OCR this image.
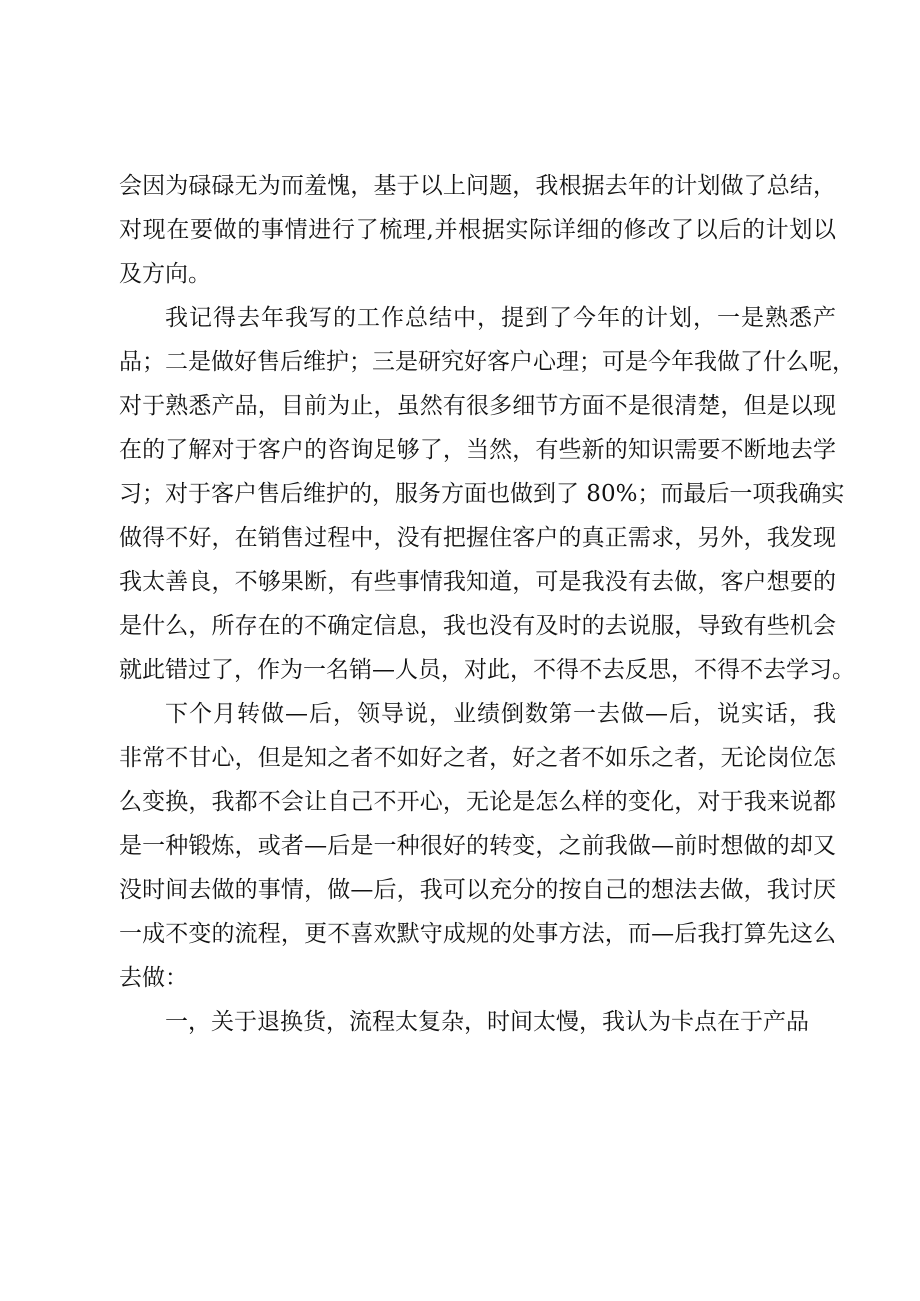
会因为碌碌无为而羞愧，基于以上问题，我根据去年的计划做了总结，
对现在要做的事情进行了梳理,并根据实际详细的修改了以后的计划以
及方向。
我记得去年我写的工作总结中，提到了今年的计划，一是熟悉产
品；二是做好售后维护；三是研究好客户心理；可是今年我做了什么呢，
对于熟悉产品，目前为止，虽然有很多细节方面不是很清楚，但是以现
在的了解对于客户的咨询足够了，当然，有些新的知识需要不断地去学
习；对于客户售后维护的，服务方面也做到了 80%；而最后一项我确实
做得不好，在销售过程中，没有把握住客户的真正需求，另外，我发现
我太善良，不够果断，有些事情我知道，可是我没有去做，客户想要的
是什么，所存在的不确定信息，我也没有及时的去说服，导致有些机会
就此错过了，作为一名销—人员，对此，不得不去反思，不得不去学习。
下个月转做—后，领导说，业绩倒数第一去做—后，说实话，我
非常不甘心，但是知之者不如好之者，好之者不如乐之者，无论岗位怎
么变换，我都不会让自己不开心，无论是怎么样的变化，对于我来说都
是一种锻炼，或者—后是一种很好的转变，之前我做—前时想做的却又
没时间去做的事情，做—后，我可以充分的按自己的想法去做，我讨厌
一成不变的流程，更不喜欢默守成规的处事方法，而—后我打算先这么
去做：
一，关于退换货，流程太复杂，时间太慢，我认为卡点在于产品
